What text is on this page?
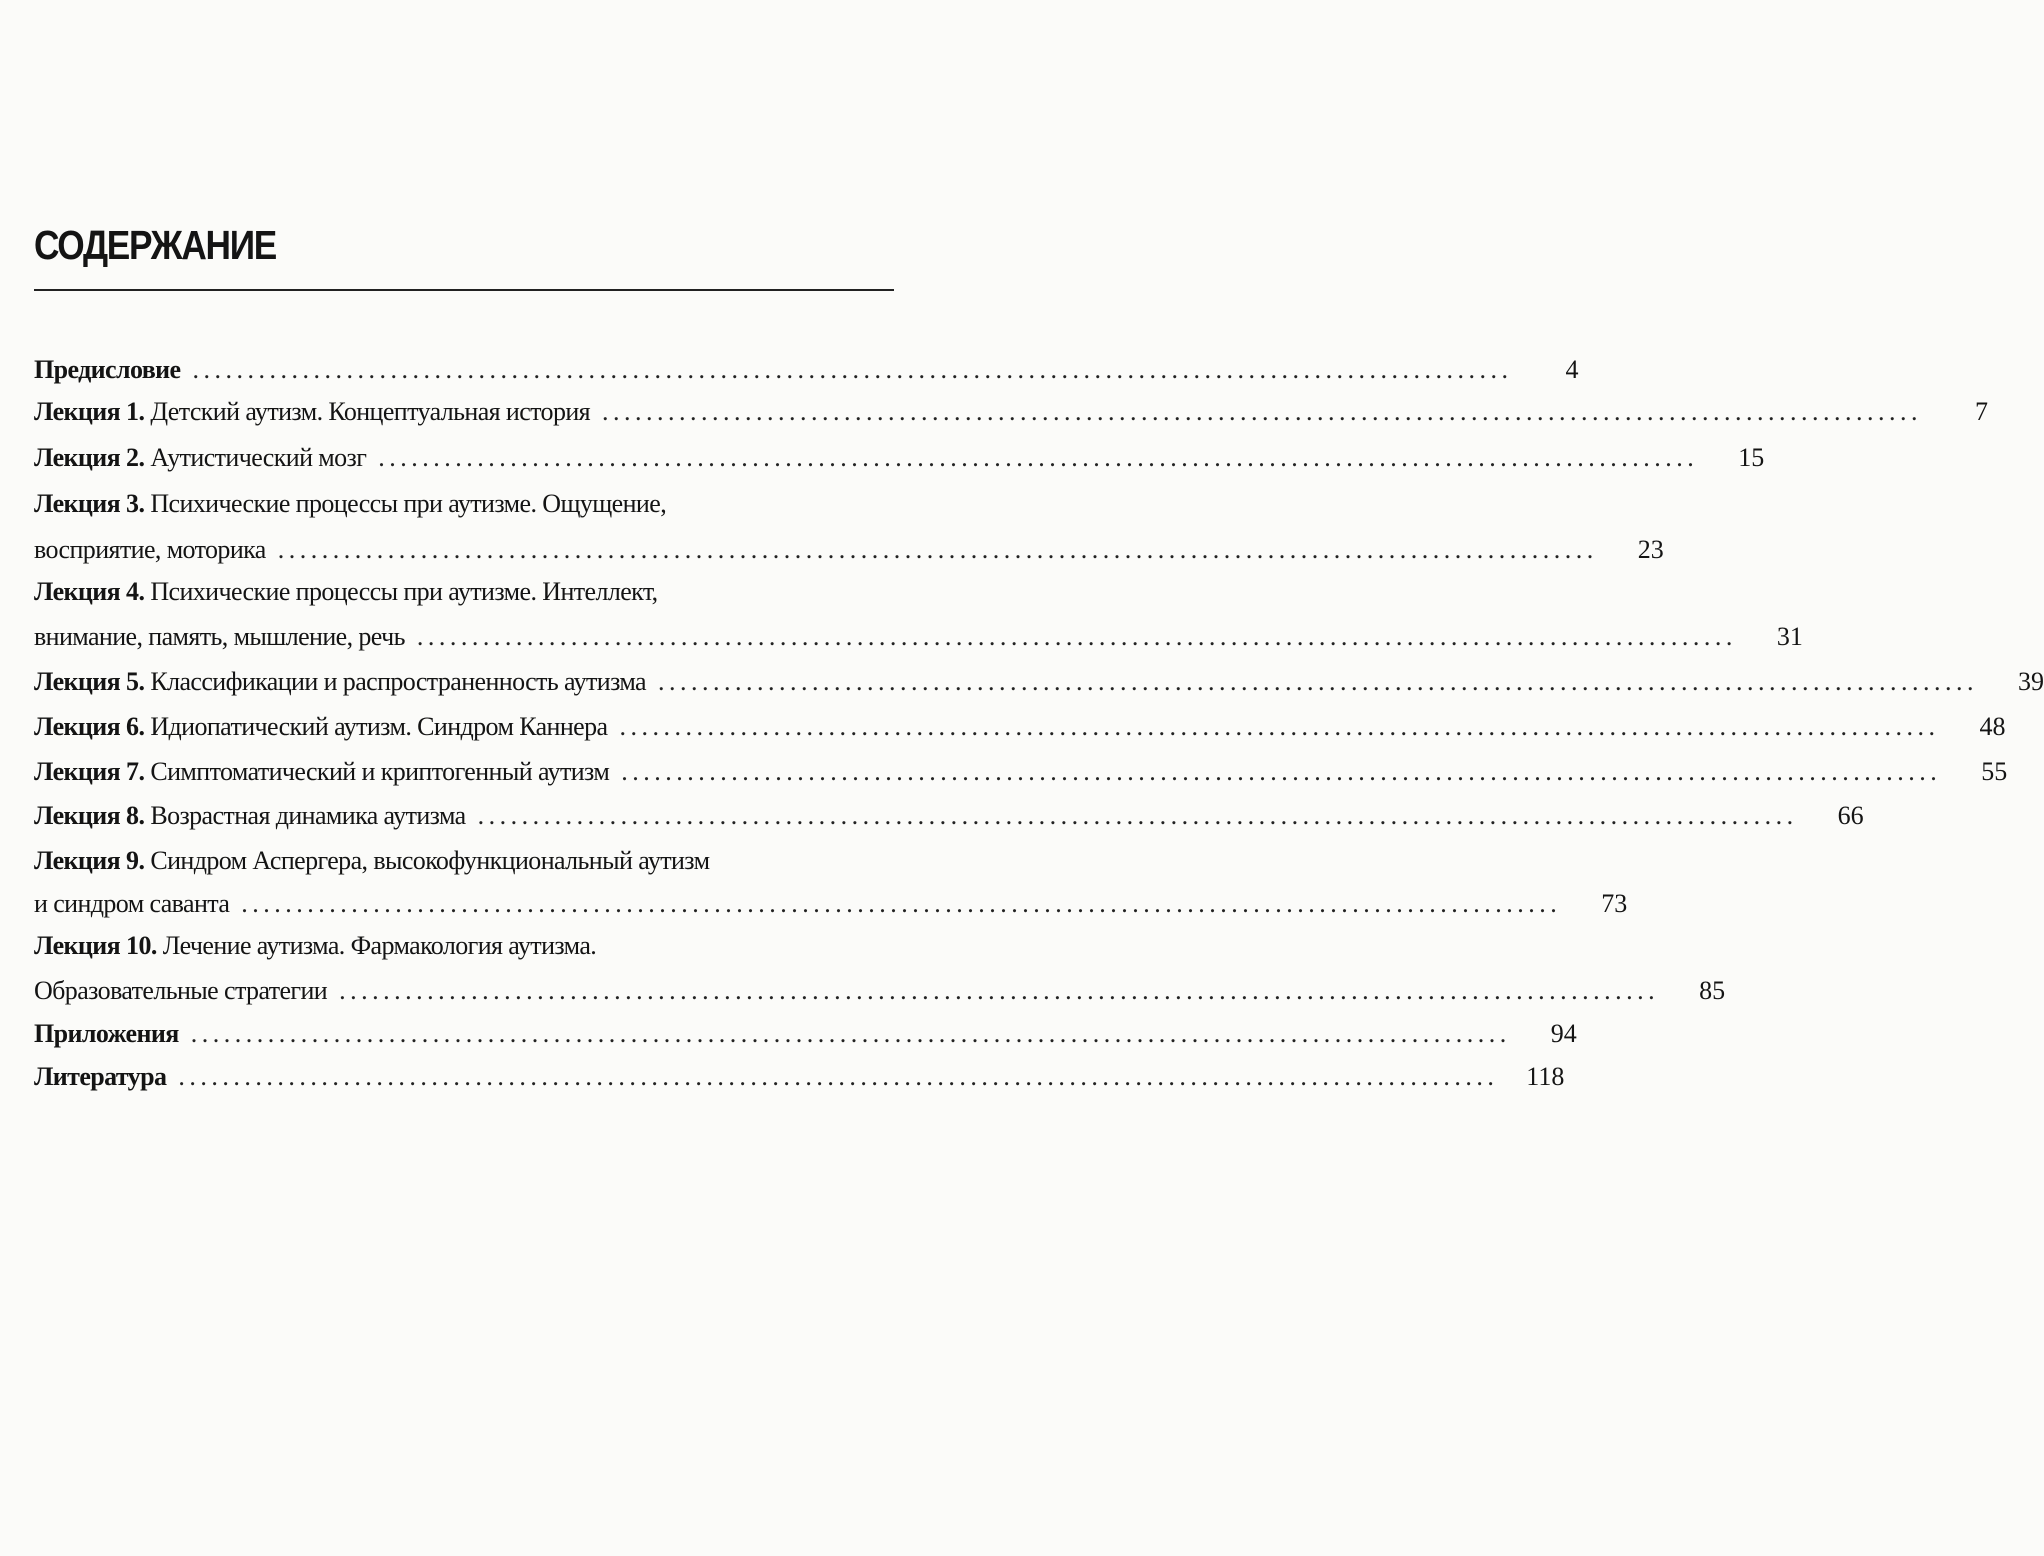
СОДЕРЖАНИЕ
Предисловие ........................................................................................................................	4
Лекция 1. Детский аутизм. Концептуальная история ........................................................................................................................	7
Лекция 2. Аутистический мозг ........................................................................................................................	15
Лекция 3. Психические процессы при аутизме. Ощущение,
восприятие, моторика ........................................................................................................................	23
Лекция 4. Психические процессы при аутизме. Интеллект,
внимание, память, мышление, речь ........................................................................................................................	31
Лекция 5. Классификации и распространенность аутизма ........................................................................................................................	39
Лекция 6. Идиопатический аутизм. Синдром Каннера ........................................................................................................................	48
Лекция 7. Симптоматический и криптогенный аутизм ........................................................................................................................	55
Лекция 8. Возрастная динамика аутизма ........................................................................................................................	66
Лекция 9. Синдром Аспергера, высокофункциональный аутизм
и синдром саванта ........................................................................................................................	73
Лекция 10. Лечение аутизма. Фармакология аутизма.
Образовательные стратегии ........................................................................................................................	85
Приложения ........................................................................................................................	94
Литература ........................................................................................................................ 118
